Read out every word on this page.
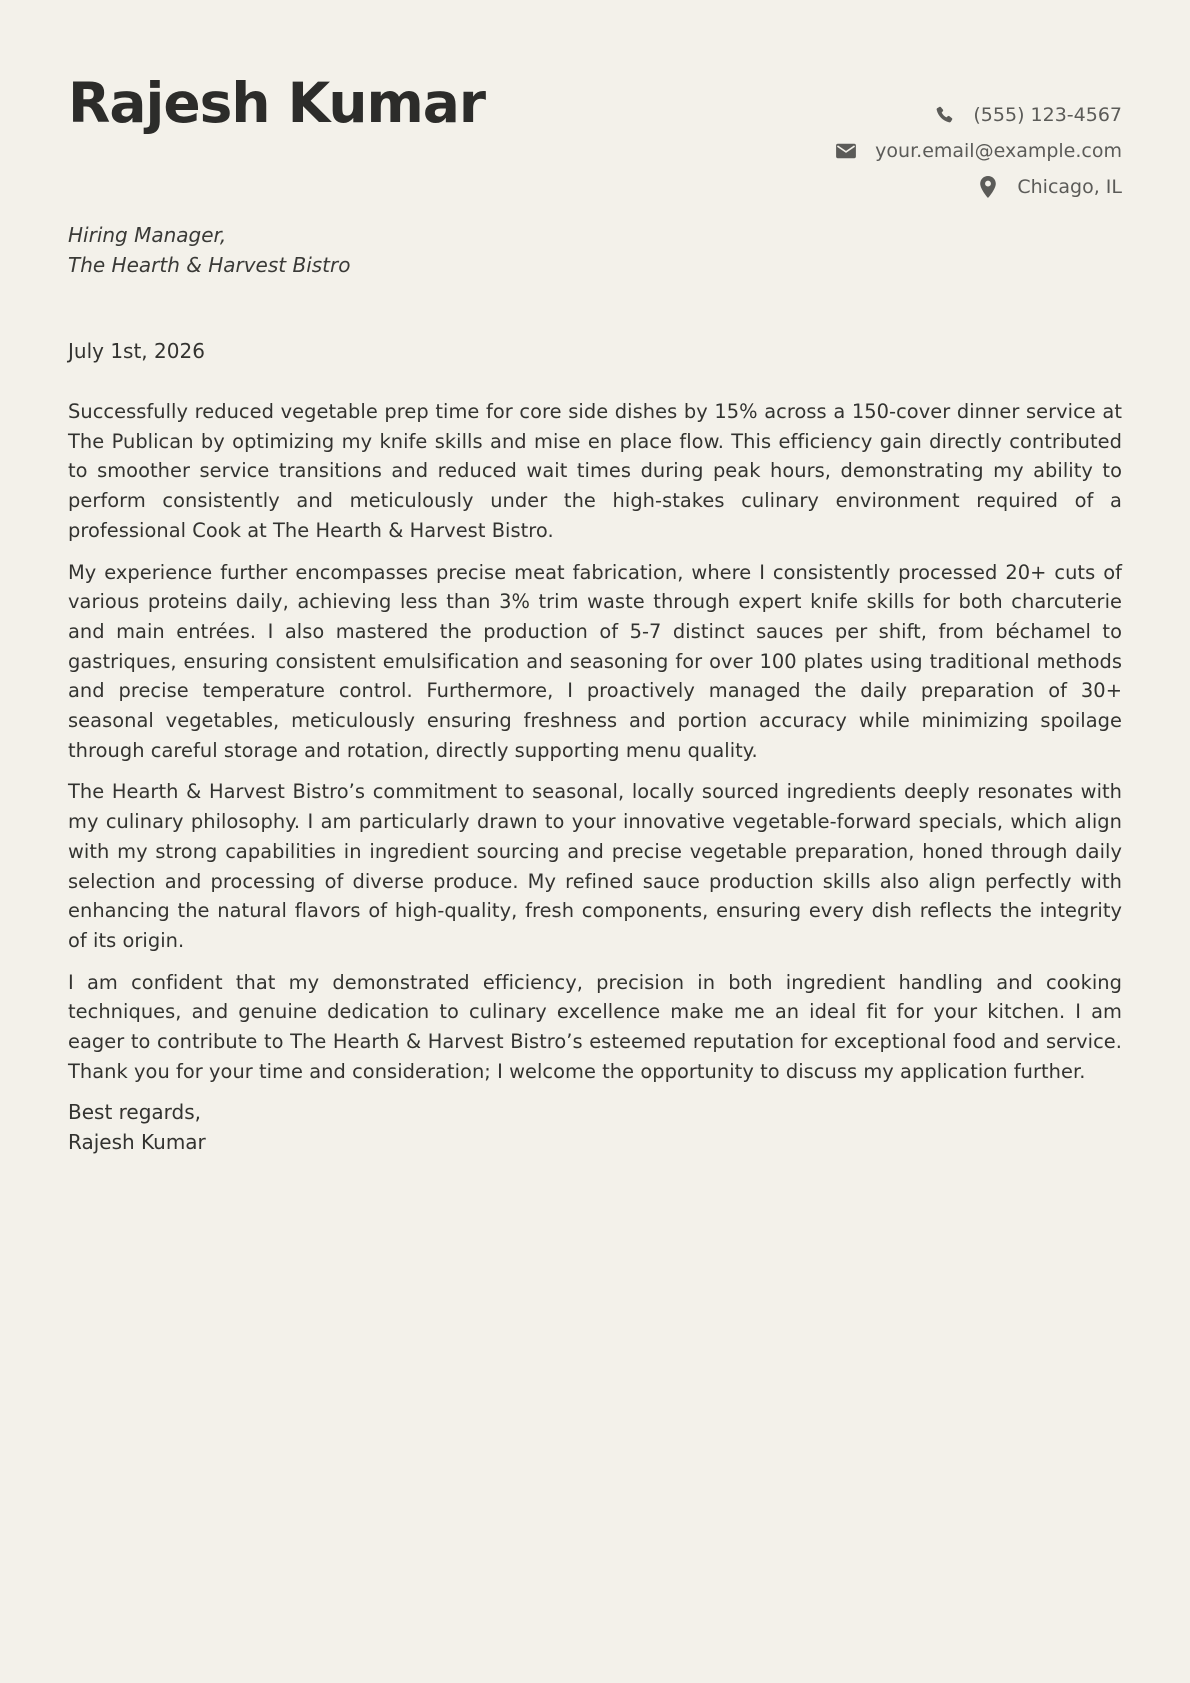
Rajesh Kumar	(555) 123-4567
your.email@example.com
Chicago, IL
Hiring Manager,
The Hearth & Harvest Bistro
July 1st, 2026

Successfully reduced vegetable prep time for core side dishes by 15% across a 150-cover dinner service at The Publican by optimizing my knife skills and mise en place flow. This efficiency gain directly contributed to smoother service transitions and reduced wait times during peak hours, demonstrating my ability to perform consistently and meticulously under the high-stakes culinary environment required of a professional Cook at The Hearth & Harvest Bistro.

My experience further encompasses precise meat fabrication, where I consistently processed 20+ cuts of various proteins daily, achieving less than 3% trim waste through expert knife skills for both charcuterie and main entrées. I also mastered the production of 5-7 distinct sauces per shift, from béchamel to gastriques, ensuring consistent emulsification and seasoning for over 100 plates using traditional methods and precise temperature control. Furthermore, I proactively managed the daily preparation of 30+ seasonal vegetables, meticulously ensuring freshness and portion accuracy while minimizing spoilage through careful storage and rotation, directly supporting menu quality.

The Hearth & Harvest Bistro’s commitment to seasonal, locally sourced ingredients deeply resonates with my culinary philosophy. I am particularly drawn to your innovative vegetable-forward specials, which align with my strong capabilities in ingredient sourcing and precise vegetable preparation, honed through daily selection and processing of diverse produce. My refined sauce production skills also align perfectly with enhancing the natural flavors of high-quality, fresh components, ensuring every dish reflects the integrity of its origin.

I am confident that my demonstrated efficiency, precision in both ingredient handling and cooking techniques, and genuine dedication to culinary excellence make me an ideal fit for your kitchen. I am eager to contribute to The Hearth & Harvest Bistro’s esteemed reputation for exceptional food and service. Thank you for your time and consideration; I welcome the opportunity to discuss my application further.

Best regards,
Rajesh Kumar
